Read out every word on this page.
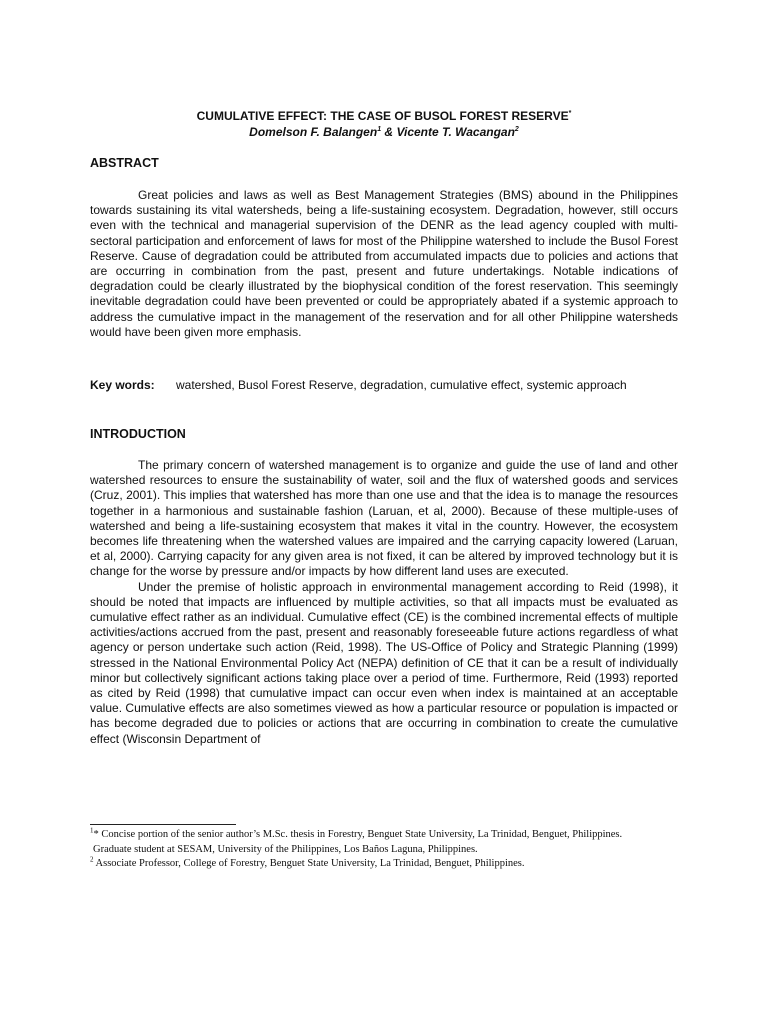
CUMULATIVE EFFECT: THE CASE OF BUSOL FOREST RESERVE*
Domelson F. Balangen$^1$ & Vicente T. Wacangan$^2$
ABSTRACT

Great policies and laws as well as Best Management Strategies (BMS) abound in the Philippines towards sustaining its vital watersheds, being a life-sustaining ecosystem. Degradation, however, still occurs even with the technical and managerial supervision of the DENR as the lead agency coupled with multi-sectoral participation and enforcement of laws for most of the Philippine watershed to include the Busol Forest Reserve. Cause of degradation could be attributed from accumulated impacts due to policies and actions that are occurring in combination from the past, present and future undertakings. Notable indications of degradation could be clearly illustrated by the biophysical condition of the forest reservation. This seemingly inevitable degradation could have been prevented or could be appropriately abated if a systemic approach to address the cumulative impact in the management of the reservation and for all other Philippine watersheds would have been given more emphasis.

Key words:	watershed, Busol Forest Reserve, degradation, cumulative effect, systemic approach
INTRODUCTION

The primary concern of watershed management is to organize and guide the use of land and other watershed resources to ensure the sustainability of water, soil and the flux of watershed goods and services (Cruz, 2001). This implies that watershed has more than one use and that the idea is to manage the resources together in a harmonious and sustainable fashion (Laruan, et al, 2000). Because of these multiple-uses of watershed and being a life-sustaining ecosystem that makes it vital in the country. However, the ecosystem becomes life threatening when the watershed values are impaired and the carrying capacity lowered (Laruan, et al, 2000). Carrying capacity for any given area is not fixed, it can be altered by improved technology but it is change for the worse by pressure and/or impacts by how different land uses are executed.

Under the premise of holistic approach in environmental management according to Reid (1998), it should be noted that impacts are influenced by multiple activities, so that all impacts must be evaluated as cumulative effect rather as an individual. Cumulative effect (CE) is the combined incremental effects of multiple activities/actions accrued from the past, present and reasonably foreseeable future actions regardless of what agency or person undertake such action (Reid, 1998). The US-Office of Policy and Strategic Planning (1999) stressed in the National Environmental Policy Act (NEPA) definition of CE that it can be a result of individually minor but collectively significant actions taking place over a period of time. Furthermore, Reid (1993) reported as cited by Reid (1998) that cumulative impact can occur even when index is maintained at an acceptable value. Cumulative effects are also sometimes viewed as how a particular resource or population is impacted or has become degraded due to policies or actions that are occurring in combination to create the cumulative effect (Wisconsin Department of

$^1$* Concise portion of the senior author’s M.Sc. thesis in Forestry, Benguet State University, La Trinidad, Benguet, Philippines.
Graduate student at SESAM, University of the Philippines, Los Baños Laguna, Philippines.
$^2$ Associate Professor, College of Forestry, Benguet State University, La Trinidad, Benguet, Philippines.
